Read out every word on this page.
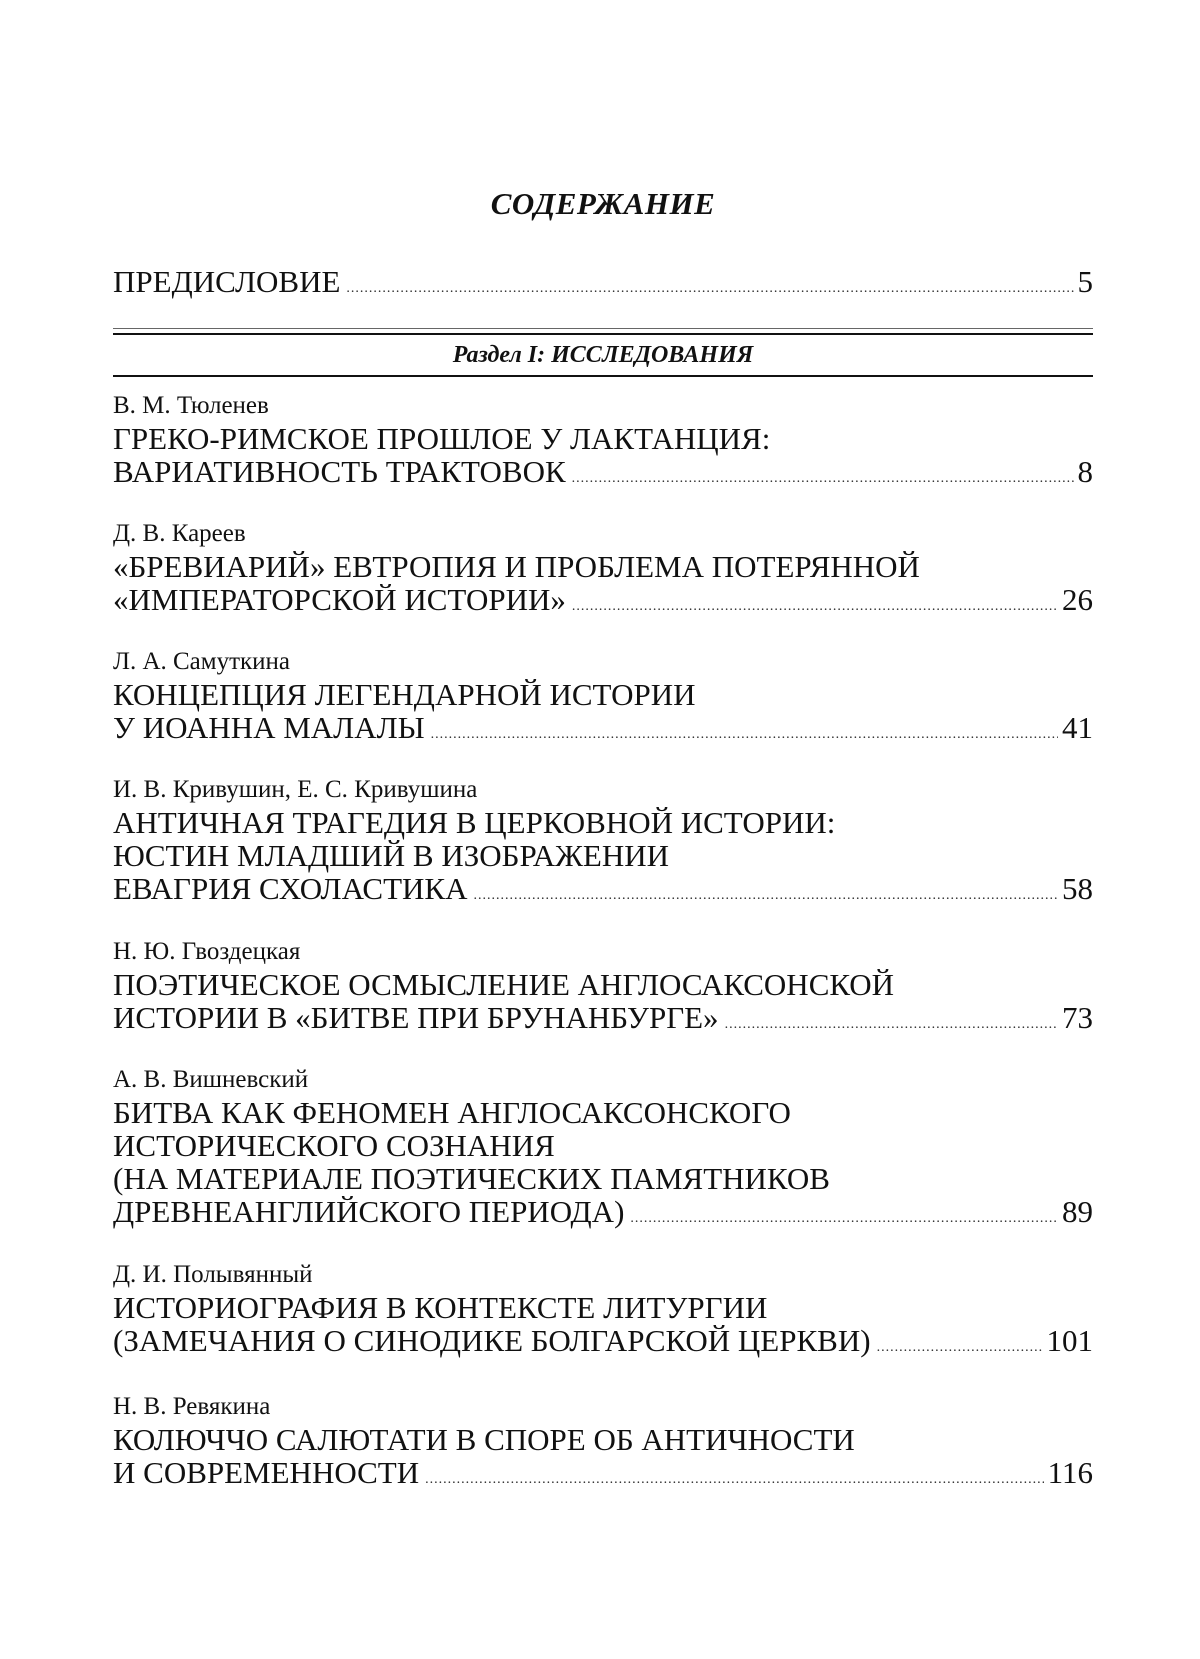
СОДЕРЖАНИЕ
ПРЕДИСЛОВИЕ .....	5
Раздел I: ИССЛЕДОВАНИЯ
В. М. Тюленев
ГРЕКО-РИМСКОЕ ПРОШЛОЕ У ЛАКТАНЦИЯ:
ВАРИАТИВНОСТЬ ТРАКТОВОК .....	8
Д. В. Кареев
«БРЕВИАРИЙ» ЕВТРОПИЯ И ПРОБЛЕМА ПОТЕРЯННОЙ
«ИМПЕРАТОРСКОЙ ИСТОРИИ» .....	26
Л. А. Самуткина
КОНЦЕПЦИЯ ЛЕГЕНДАРНОЙ ИСТОРИИ
У ИОАННА МАЛАЛЫ .....	41
И. В. Кривушин, Е. С. Кривушина
АНТИЧНАЯ ТРАГЕДИЯ В ЦЕРКОВНОЙ ИСТОРИИ:
ЮСТИН МЛАДШИЙ В ИЗОБРАЖЕНИИ
ЕВАГРИЯ СХОЛАСТИКА .....	58
Н. Ю. Гвоздецкая
ПОЭТИЧЕСКОЕ ОСМЫСЛЕНИЕ АНГЛОСАКСОНСКОЙ
ИСТОРИИ В «БИТВЕ ПРИ БРУНАНБУРГЕ» .....	73
А. В. Вишневский
БИТВА КАК ФЕНОМЕН АНГЛОСАКСОНСКОГО
ИСТОРИЧЕСКОГО СОЗНАНИЯ
(НА МАТЕРИАЛЕ ПОЭТИЧЕСКИХ ПАМЯТНИКОВ
ДРЕВНЕАНГЛИЙСКОГО ПЕРИОДА) .....	89
Д. И. Полывянный
ИСТОРИОГРАФИЯ В КОНТЕКСТЕ ЛИТУРГИИ
(ЗАМЕЧАНИЯ О СИНОДИКЕ БОЛГАРСКОЙ ЦЕРКВИ) .....	101
Н. В. Ревякина
КОЛЮЧЧО САЛЮТАТИ В СПОРЕ ОБ АНТИЧНОСТИ
И СОВРЕМЕННОСТИ .....	116
